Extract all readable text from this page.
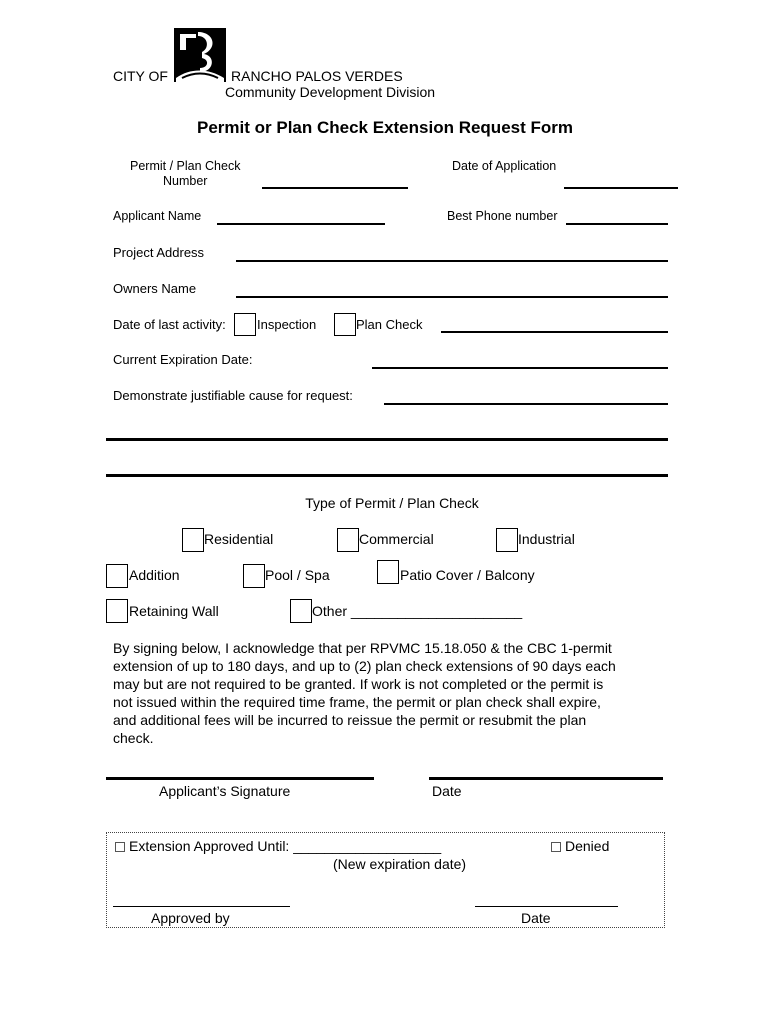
CITY OF	RANCHO PALOS VERDES
Community Development Division
Permit or Plan Check Extension Request Form
Permit / Plan Check
Number
Date of Application
Applicant Name	Best Phone number
Project Address
Owners Name
Date of last activity: Inspection	Plan Check
Current Expiration Date:
Demonstrate justifiable cause for request:
Type of Permit / Plan Check
Residential	Commercial	Industrial
Addition	Pool / Spa	Patio Cover / Balcony
Retaining Wall	Other ______________________
By signing below, I acknowledge that per RPVMC 15.18.050 & the CBC 1-permit
extension of up to 180 days, and up to (2) plan check extensions of 90 days each
may but are not required to be granted. If work is not completed or the permit is
not issued within the required time frame, the permit or plan check shall expire,
and additional fees will be incurred to reissue the permit or resubmit the plan
check.
Applicant’s Signature	Date
Extension Approved Until: ___________________	Denied
(New expiration date)
Approved by	Date
